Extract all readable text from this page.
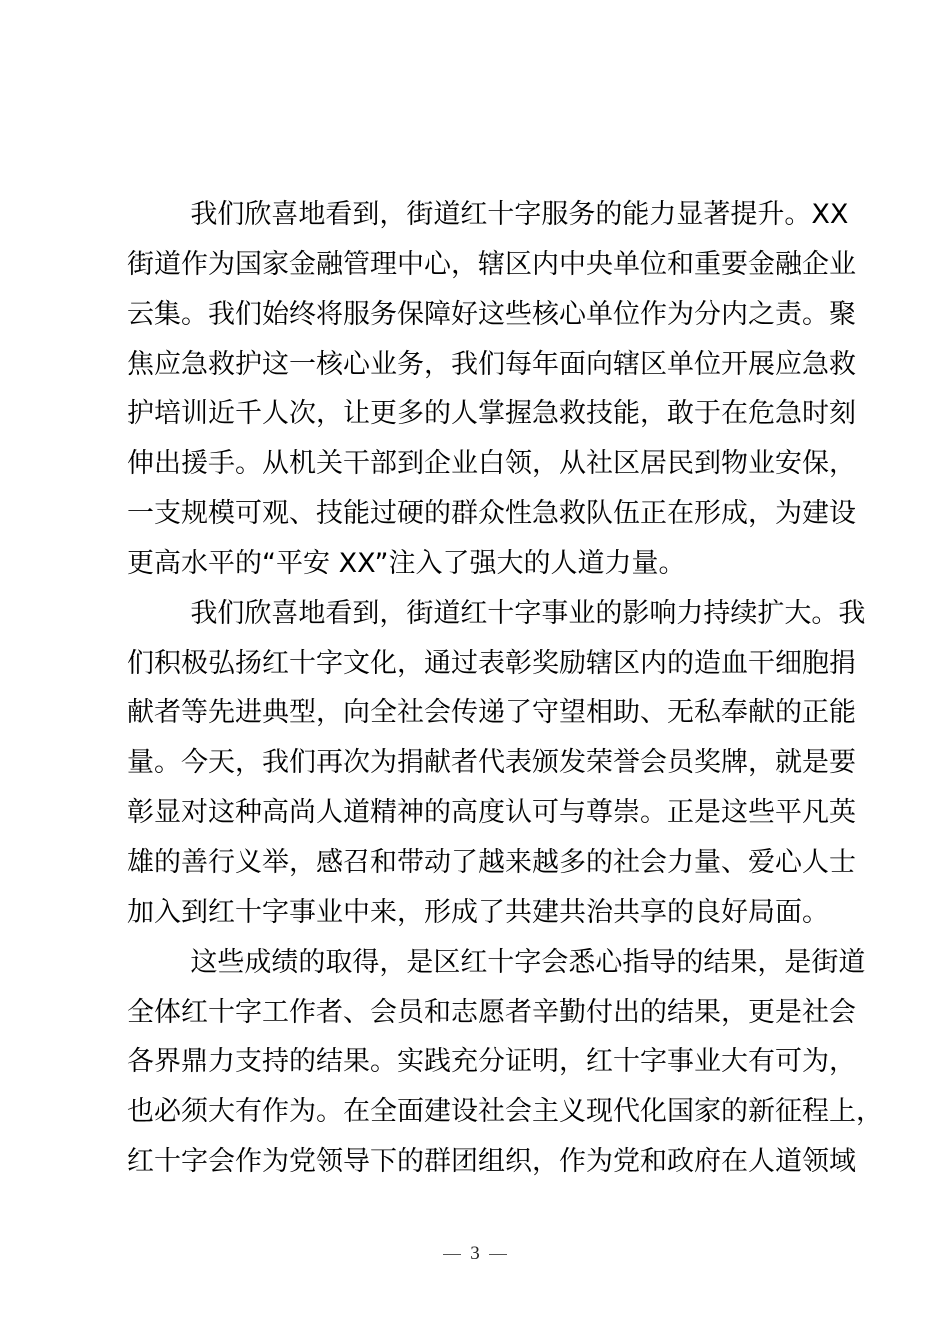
我们欣喜地看到，街道红十字服务的能力显著提升。XX
街道作为国家金融管理中心，辖区内中央单位和重要金融企业
云集。我们始终将服务保障好这些核心单位作为分内之责。聚
焦应急救护这一核心业务，我们每年面向辖区单位开展应急救
护培训近千人次，让更多的人掌握急救技能，敢于在危急时刻
伸出援手。从机关干部到企业白领，从社区居民到物业安保，
一支规模可观、技能过硬的群众性急救队伍正在形成，为建设
更高水平的“平安 XX”注入了强大的人道力量。
我们欣喜地看到，街道红十字事业的影响力持续扩大。我
们积极弘扬红十字文化，通过表彰奖励辖区内的造血干细胞捐
献者等先进典型，向全社会传递了守望相助、无私奉献的正能
量。今天，我们再次为捐献者代表颁发荣誉会员奖牌，就是要
彰显对这种高尚人道精神的高度认可与尊崇。正是这些平凡英
雄的善行义举，感召和带动了越来越多的社会力量、爱心人士
加入到红十字事业中来，形成了共建共治共享的良好局面。
这些成绩的取得，是区红十字会悉心指导的结果，是街道
全体红十字工作者、会员和志愿者辛勤付出的结果，更是社会
各界鼎力支持的结果。实践充分证明，红十字事业大有可为，
也必须大有作为。在全面建设社会主义现代化国家的新征程上，
红十字会作为党领导下的群团组织，作为党和政府在人道领域
3
